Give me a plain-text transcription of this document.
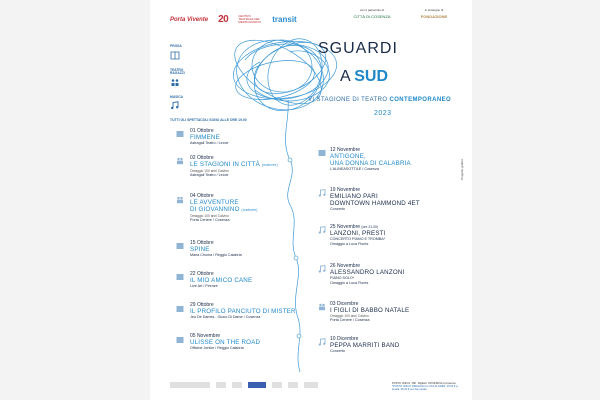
Porta Vivente 20	CENTRO TEATRALE DEL MEZZOGIORNO transit
con il patrocinio di
CITTÀ DI COSENZA
in sostegno di
FONDAZIONE
PROSA
TEATRO RAGAZZI
MUSICA
TUTTI GLI SPETTACOLI SONO ALLE ORE 19.00
SGUARDI
A SUD
VI STAGIONE DI TEATRO CONTEMPORANEO
2023
01 Ottobre
FIMMENE
Astragali Teatro / Lecce
02 Ottobre
LE STAGIONI IN CITTÀ (matinée)
Omaggio 100 anni Calvino
Astragali Teatro / Lecce
04 Ottobre
LE AVVENTURE
DI GIOVANNINO (matinée)
Omaggio 100 anni Calvino
Porta Cenere / Cosenza
15 Ottobre
SPINE
Mana Chuma / Reggio Calabria
22 Ottobre
IL MIO AMICO CANE
Live Art / Firenze
29 Ottobre
IL PROFILO PANCIUTO DI MISTER
Jeu De Dames - Gioco Di Dame / Cosenza
05 Novembre
ULISSE ON THE ROAD
Officine Jonike / Reggio Calabria
12 Novembre
ANTIGONE,
UNA DONNA DI CALABRIA
L'ALINEASOTTILE / Cosenza
19 Novembre
EMILIANO PARI
DOWNTOWN HAMMOND 4ET
Concerto
25 Novembre (ore 21.00)
LANZONI, PRESTI
CONCERTO PIANO E TROMBA*
Omaggio a Luca Flores
26 Novembre
ALESSANDRO LANZONI
PIANO SOLO*
Omaggio a Luca Flores
03 Dicembre
I FIGLI DI BABBO NATALE
Omaggio 100 anni Calvino
Porta Cenere / Cosenza
10 Dicembre
PEPPA MARRITI BAND
Concerto
Progetto grafico
POSTO UNICO: 15€ · Biglietti: 3470345214 a Cosenza
*POSTO UNICO OMAGGIO A LUCA FLORES: 15,00 € a serata, 25,00 € per due serate
